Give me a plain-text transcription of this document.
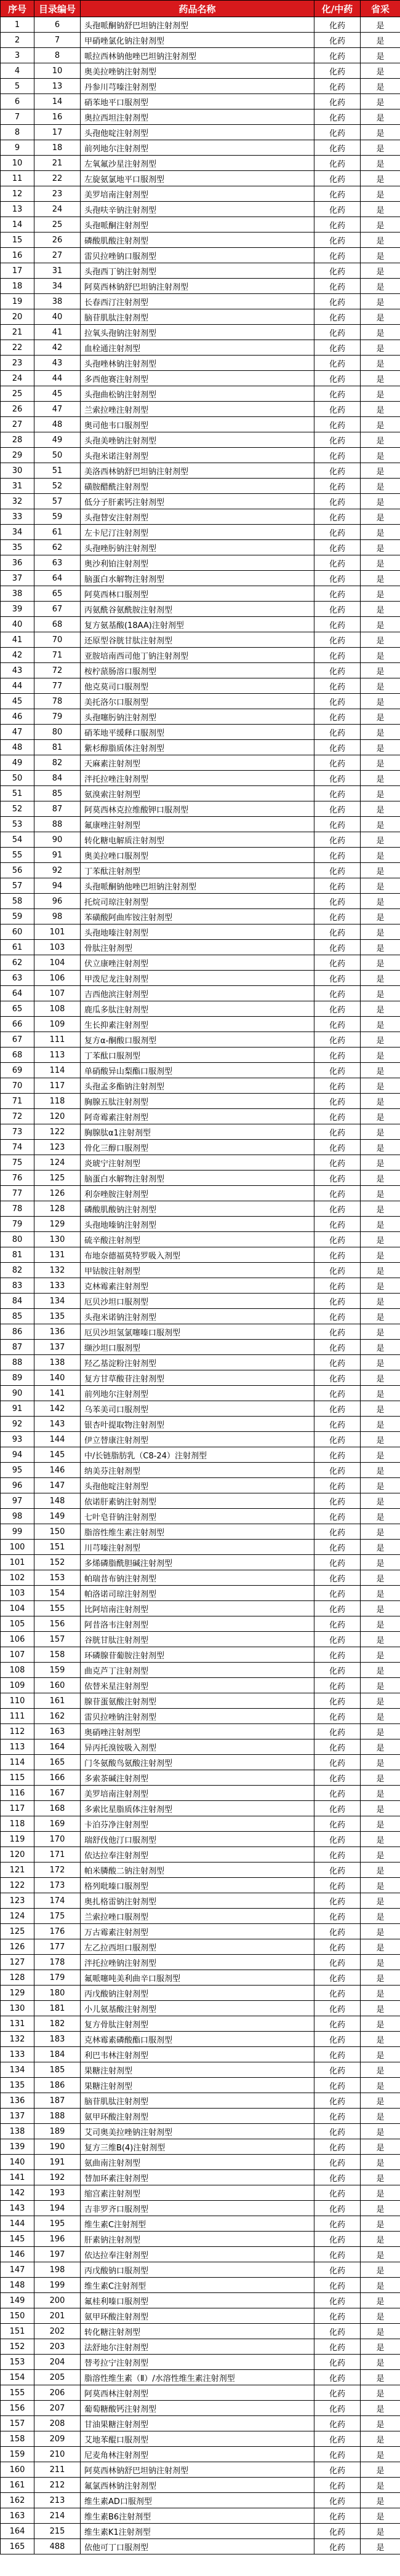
序号	目录编号	药品名称	化/中药	省采
1	6	头孢哌酮钠舒巴坦钠注射剂型	化药	是
2	7	甲硝唑氯化钠注射剂型	化药	是
3	8	哌拉西林钠他唑巴坦钠注射剂型	化药	是
4	10	奥美拉唑钠注射剂型	化药	是
5	13	丹参川芎嗪注射剂型	化药	是
6	14	硝苯地平口服剂型	化药	是
7	16	奥拉西坦注射剂型	化药	是
8	17	头孢他啶注射剂型	化药	是
9	18	前列地尔注射剂型	化药	是
10	21	左氧氟沙星注射剂型	化药	是
11	22	左旋氨氯地平口服剂型	化药	是
12	23	美罗培南注射剂型	化药	是
13	24	头孢呋辛钠注射剂型	化药	是
14	25	头孢哌酮注射剂型	化药	是
15	26	磷酸肌酸注射剂型	化药	是
16	27	雷贝拉唑钠口服剂型	化药	是
17	31	头孢西丁钠注射剂型	化药	是
18	34	阿莫西林钠舒巴坦钠注射剂型	化药	是
19	38	长春西汀注射剂型	化药	是
20	40	脑苷肌肽注射剂型	化药	是
21	41	拉氧头孢钠注射剂型	化药	是
22	42	血栓通注射剂型	化药	是
23	43	头孢唑林钠注射剂型	化药	是
24	44	多西他赛注射剂型	化药	是
25	45	头孢曲松钠注射剂型	化药	是
26	47	兰索拉唑注射剂型	化药	是
27	48	奥司他韦口服剂型	化药	是
28	49	头孢美唑钠注射剂型	化药	是
29	50	头孢米诺注射剂型	化药	是
30	51	美洛西林钠舒巴坦钠注射剂型	化药	是
31	52	磺胺醋酰注射剂型	化药	是
32	57	低分子肝素钙注射剂型	化药	是
33	59	头孢替安注射剂型	化药	是
34	61	左卡尼汀注射剂型	化药	是
35	62	头孢唑肟钠注射剂型	化药	是
36	63	奥沙利铂注射剂型	化药	是
37	64	脑蛋白水解物注射剂型	化药	是
38	65	阿莫西林口服剂型	化药	是
39	67	丙氨酰谷氨酰胺注射剂型	化药	是
40	68	复方氨基酸(18AA)注射剂型	化药	是
41	70	还原型谷胱甘肽注射剂型	化药	是
42	71	亚胺培南西司他丁钠注射剂型	化药	是
43	72	桉柠蒎肠溶口服剂型	化药	是
44	77	他克莫司口服剂型	化药	是
45	78	美托洛尔口服剂型	化药	是
46	79	头孢噻肟钠注射剂型	化药	是
47	80	硝苯地平缓释口服剂型	化药	是
48	81	紫杉醇脂质体注射剂型	化药	是
49	82	天麻素注射剂型	化药	是
50	84	泮托拉唑注射剂型	化药	是
51	85	氨溴索注射剂型	化药	是
52	87	阿莫西林克拉维酸钾口服剂型	化药	是
53	88	氟康唑注射剂型	化药	是
54	90	转化糖电解质注射剂型	化药	是
55	91	奥美拉唑口服剂型	化药	是
56	92	丁苯酞注射剂型	化药	是
57	94	头孢哌酮钠他唑巴坦钠注射剂型	化药	是
58	96	托烷司琼注射剂型	化药	是
59	98	苯磺酸阿曲库铵注射剂型	化药	是
60	101	头孢地嗪注射剂型	化药	是
61	103	骨肽注射剂型	化药	是
62	104	伏立康唑注射剂型	化药	是
63	106	甲泼尼龙注射剂型	化药	是
64	107	吉西他滨注射剂型	化药	是
65	108	鹿瓜多肽注射剂型	化药	是
66	109	生长抑素注射剂型	化药	是
67	111	复方α-酮酸口服剂型	化药	是
68	113	丁苯酞口服剂型	化药	是
69	114	单硝酸异山梨酯口服剂型	化药	是
70	117	头孢孟多酯钠注射剂型	化药	是
71	118	胸腺五肽注射剂型	化药	是
72	120	阿奇霉素注射剂型	化药	是
73	122	胸腺肽α1注射剂型	化药	是
74	123	骨化三醇口服剂型	化药	是
75	124	炎琥宁注射剂型	化药	是
76	125	脑蛋白水解物注射剂型	化药	是
77	126	利奈唑胺注射剂型	化药	是
78	128	磷酸肌酸钠注射剂型	化药	是
79	129	头孢地嗪钠注射剂型	化药	是
80	130	硫辛酸注射剂型	化药	是
81	131	布地奈德福莫特罗吸入剂型	化药	是
82	132	甲钴胺注射剂型	化药	是
83	133	克林霉素注射剂型	化药	是
84	134	厄贝沙坦口服剂型	化药	是
85	135	头孢米诺钠注射剂型	化药	是
86	136	厄贝沙坦氢氯噻嗪口服剂型	化药	是
87	137	缬沙坦口服剂型	化药	是
88	138	羟乙基淀粉注射剂型	化药	是
89	140	复方甘草酸苷注射剂型	化药	是
90	141	前列地尔注射剂型	化药	是
91	142	乌苯美司口服剂型	化药	是
92	143	银杏叶提取物注射剂型	化药	是
93	144	伊立替康注射剂型	化药	是
94	145	中/长链脂肪乳（C8-24）注射剂型	化药	是
95	146	纳美芬注射剂型	化药	是
96	147	头孢他啶注射剂型	化药	是
97	148	依诺肝素钠注射剂型	化药	是
98	149	七叶皂苷钠注射剂型	化药	是
99	150	脂溶性维生素注射剂型	化药	是
100	151	川芎嗪注射剂型	化药	是
101	152	多烯磷脂酰胆碱注射剂型	化药	是
102	153	帕瑞昔布钠注射剂型	化药	是
103	154	帕洛诺司琼注射剂型	化药	是
104	155	比阿培南注射剂型	化药	是
105	156	阿昔洛韦注射剂型	化药	是
106	157	谷胱甘肽注射剂型	化药	是
107	158	环磷腺苷葡胺注射剂型	化药	是
108	159	曲克芦丁注射剂型	化药	是
109	160	依替米星注射剂型	化药	是
110	161	腺苷蛋氨酸注射剂型	化药	是
111	162	雷贝拉唑钠注射剂型	化药	是
112	163	奥硝唑注射剂型	化药	是
113	164	异丙托溴铵吸入剂型	化药	是
114	165	门冬氨酸鸟氨酸注射剂型	化药	是
115	166	多索茶碱注射剂型	化药	是
116	167	美罗培南注射剂型	化药	是
117	168	多索比星脂质体注射剂型	化药	是
118	169	卡泊芬净注射剂型	化药	是
119	170	瑞舒伐他汀口服剂型	化药	是
120	171	依达拉奉注射剂型	化药	是
121	172	帕米膦酸二钠注射剂型	化药	是
122	173	格列吡嗪口服剂型	化药	是
123	174	奥扎格雷钠注射剂型	化药	是
124	175	兰索拉唑口服剂型	化药	是
125	176	万古霉素注射剂型	化药	是
126	177	左乙拉西坦口服剂型	化药	是
127	178	泮托拉唑钠注射剂型	化药	是
128	179	氟哌噻吨美利曲辛口服剂型	化药	是
129	180	丙戊酸钠注射剂型	化药	是
130	181	小儿氨基酸注射剂型	化药	是
131	182	复方骨肽注射剂型	化药	是
132	183	克林霉素磷酸酯口服剂型	化药	是
133	184	利巴韦林注射剂型	化药	是
134	185	果糖注射剂型	化药	是
135	186	果糖注射剂型	化药	是
136	187	脑苷肌肽注射剂型	化药	是
137	188	氨甲环酸注射剂型	化药	是
138	189	艾司奥美拉唑钠注射剂型	化药	是
139	190	复方三维B(4)注射剂型	化药	是
140	191	氨曲南注射剂型	化药	是
141	192	替加环素注射剂型	化药	是
142	193	缩宫素注射剂型	化药	是
143	194	吉非罗齐口服剂型	化药	是
144	195	维生素C注射剂型	化药	是
145	196	肝素钠注射剂型	化药	是
146	197	依达拉奉注射剂型	化药	是
147	198	丙戊酸钠口服剂型	化药	是
148	199	维生素C注射剂型	化药	是
149	200	氟桂利嗪口服剂型	化药	是
150	201	氨甲环酸注射剂型	化药	是
151	202	转化糖注射剂型	化药	是
152	203	法舒地尔注射剂型	化药	是
153	204	替考拉宁注射剂型	化药	是
154	205	脂溶性维生素（Ⅱ）/水溶性维生素注射剂型	化药	是
155	206	阿莫西林注射剂型	化药	是
156	207	葡萄糖酸钙注射剂型	化药	是
157	208	甘油果糖注射剂型	化药	是
158	209	艾地苯醌口服剂型	化药	是
159	210	尼麦角林注射剂型	化药	是
160	211	阿莫西林钠舒巴坦钠注射剂型	化药	是
161	212	氟氯西林钠注射剂型	化药	是
162	213	维生素AD口服剂型	化药	是
163	214	维生素B6注射剂型	化药	是
164	215	维生素K1注射剂型	化药	是
165	488	依他可丁口服剂型	化药	是
